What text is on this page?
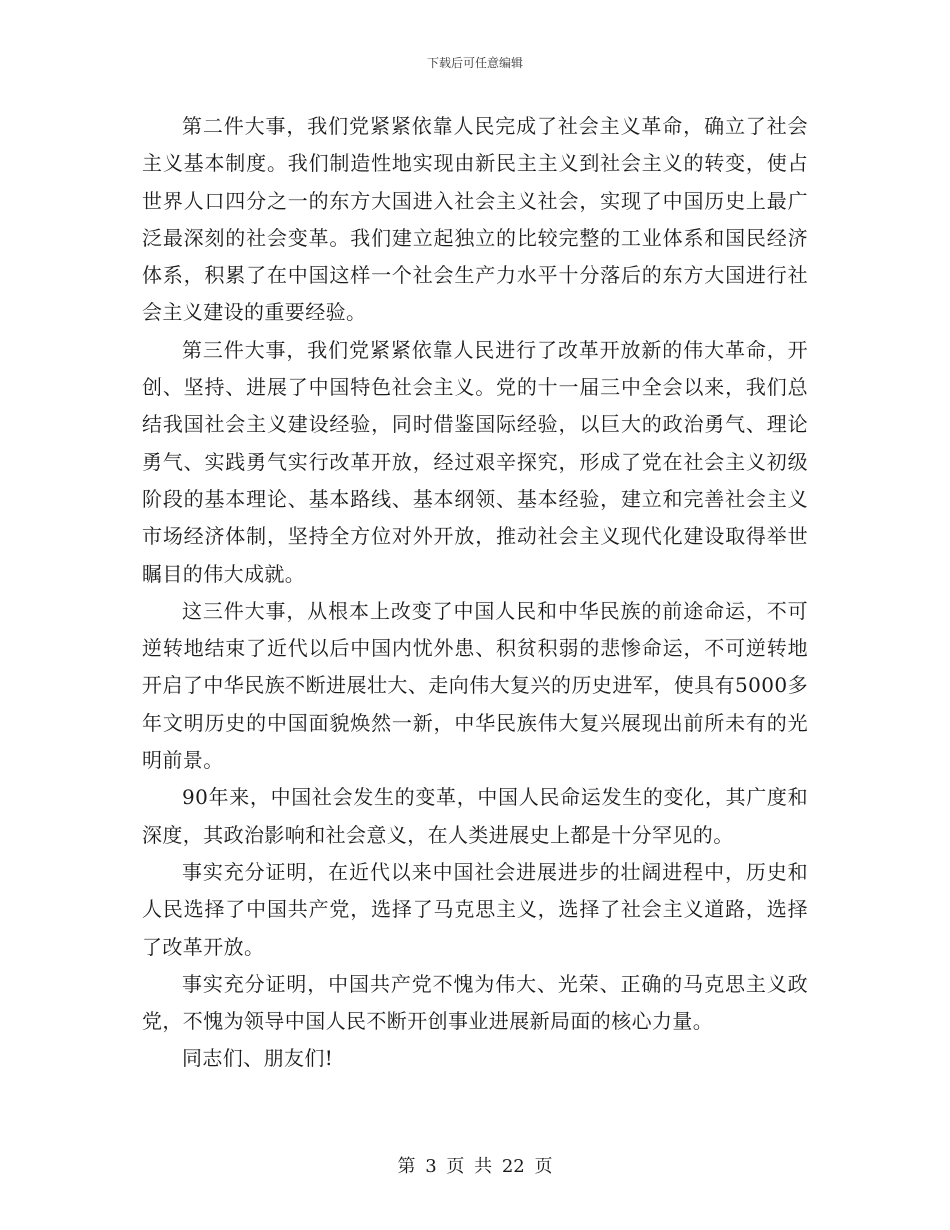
下载后可任意编辑

第二件大事，我们党紧紧依靠人民完成了社会主义革命，确立了社会主义基本制度。我们制造性地实现由新民主主义到社会主义的转变，使占世界人口四分之一的东方大国进入社会主义社会，实现了中国历史上最广泛最深刻的社会变革。我们建立起独立的比较完整的工业体系和国民经济体系，积累了在中国这样一个社会生产力水平十分落后的东方大国进行社会主义建设的重要经验。

第三件大事，我们党紧紧依靠人民进行了改革开放新的伟大革命，开创、坚持、进展了中国特色社会主义。党的十一届三中全会以来，我们总结我国社会主义建设经验，同时借鉴国际经验，以巨大的政治勇气、理论勇气、实践勇气实行改革开放，经过艰辛探究，形成了党在社会主义初级阶段的基本理论、基本路线、基本纲领、基本经验，建立和完善社会主义市场经济体制，坚持全方位对外开放，推动社会主义现代化建设取得举世瞩目的伟大成就。

这三件大事，从根本上改变了中国人民和中华民族的前途命运，不可逆转地结束了近代以后中国内忧外患、积贫积弱的悲惨命运，不可逆转地开启了中华民族不断进展壮大、走向伟大复兴的历史进军，使具有5000多年文明历史的中国面貌焕然一新，中华民族伟大复兴展现出前所未有的光明前景。

90年来，中国社会发生的变革，中国人民命运发生的变化，其广度和深度，其政治影响和社会意义，在人类进展史上都是十分罕见的。

事实充分证明，在近代以来中国社会进展进步的壮阔进程中，历史和人民选择了中国共产党，选择了马克思主义，选择了社会主义道路，选择了改革开放。

事实充分证明，中国共产党不愧为伟大、光荣、正确的马克思主义政党，不愧为领导中国人民不断开创事业进展新局面的核心力量。

同志们、朋友们!

第 3 页 共 22 页
